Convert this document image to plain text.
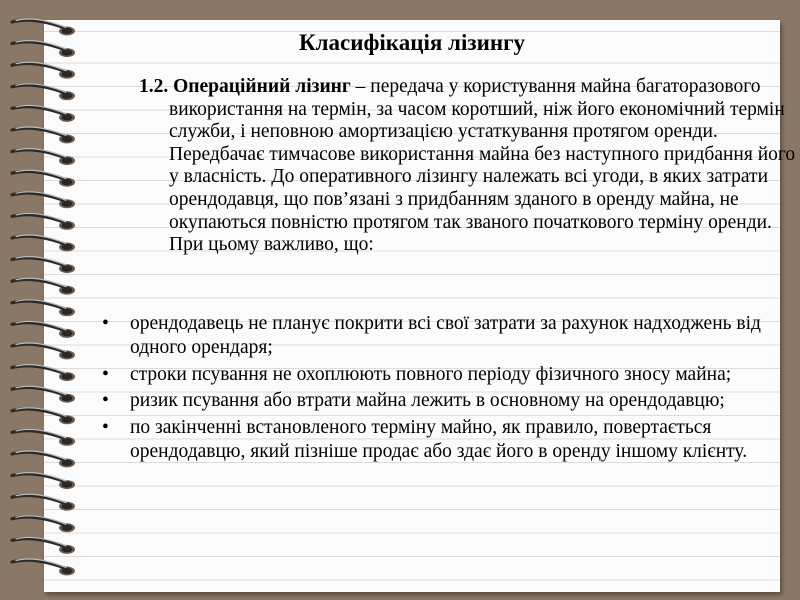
Класифікація лізингу
1.2. Операційний лізинг – передача у користування майна багаторазового використання на термін, за часом коротший, ніж його економічний термін служби, і неповною амортизацією устаткування протягом оренди. Передбачає тимчасове використання майна без наступного придбання його у власність. До оперативного лізингу належать всі угоди, в яких затрати орендодавця, що пов’язані з придбанням зданого в оренду майна, не окупаються повністю протягом так званого початкового терміну оренди. При цьому важливо, що:
•	орендодавець не планує покрити всі свої затрати за рахунок надходжень від одного орендаря;
•	строки псування не охоплюють повного періоду фізичного зносу майна;
•	ризик псування або втрати майна лежить в основному на орендодавцю;
•	по закінченні встановленого терміну майно, як правило, повертається орендодавцю, який пізніше продає або здає його в оренду іншому клієнту.
